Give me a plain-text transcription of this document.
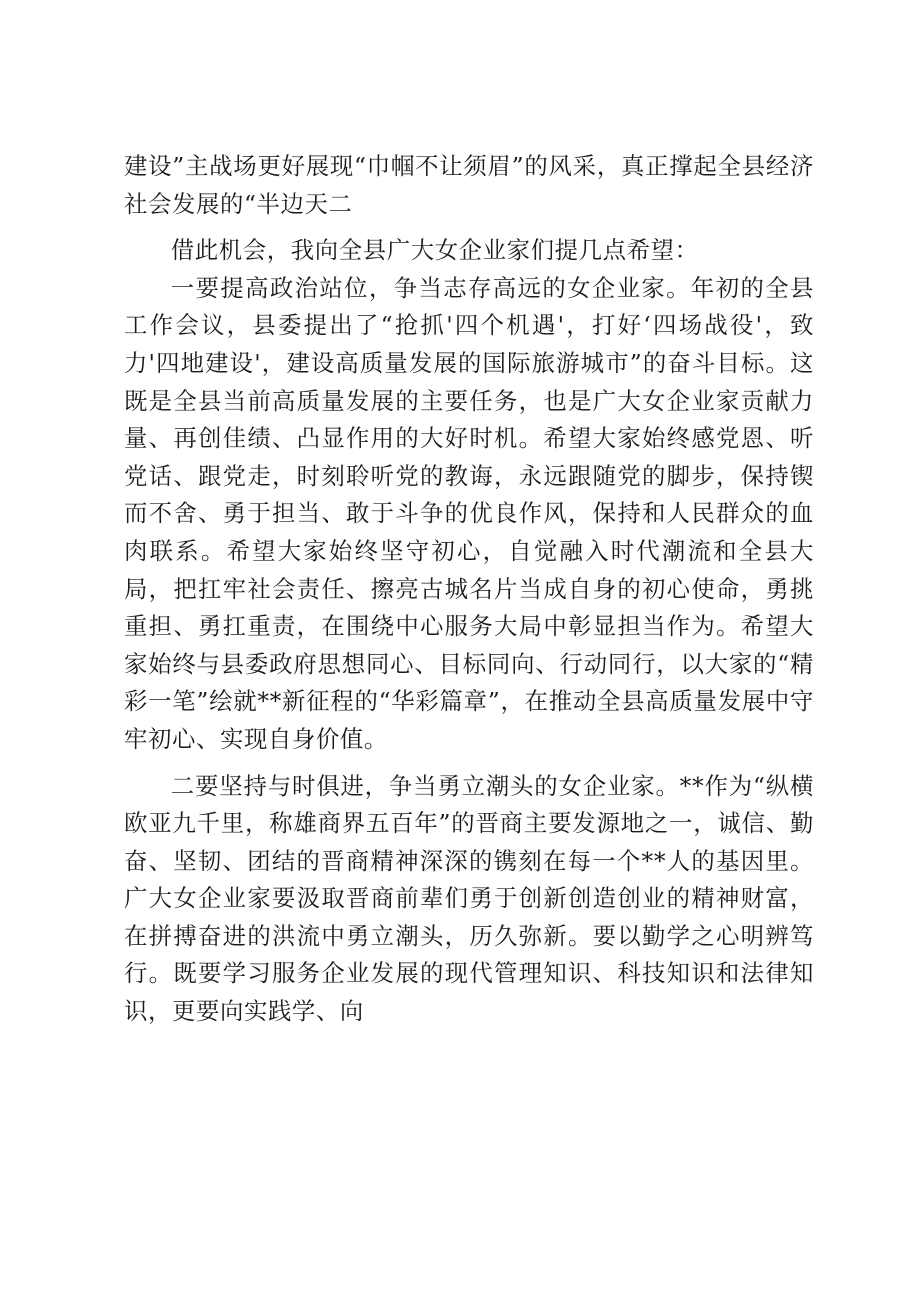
建设”主战场更好展现“巾帼不让须眉”的风采，真正撑起全县经济社会发展的“半边天二

借此机会，我向全县广大女企业家们提几点希望：

一要提高政治站位，争当志存高远的女企业家。年初的全县工作会议，县委提出了“抢抓'四个机遇'，打好‘四场战役'，致力'四地建设'，建设高质量发展的国际旅游城市”的奋斗目标。这既是全县当前高质量发展的主要任务，也是广大女企业家贡献力量、再创佳绩、凸显作用的大好时机。希望大家始终感党恩、听党话、跟党走，时刻聆听党的教诲，永远跟随党的脚步，保持锲而不舍、勇于担当、敢于斗争的优良作风，保持和人民群众的血肉联系。希望大家始终坚守初心，自觉融入时代潮流和全县大局，把扛牢社会责任、擦亮古城名片当成自身的初心使命，勇挑重担、勇扛重责，在围绕中心服务大局中彰显担当作为。希望大家始终与县委政府思想同心、目标同向、行动同行，以大家的“精彩一笔”绘就**新征程的“华彩篇章”，在推动全县高质量发展中守牢初心、实现自身价值。

二要坚持与时俱进，争当勇立潮头的女企业家。**作为“纵横欧亚九千里，称雄商界五百年”的晋商主要发源地之一，诚信、勤奋、坚韧、团结的晋商精神深深的镌刻在每一个**人的基因里。广大女企业家要汲取晋商前辈们勇于创新创造创业的精神财富，在拼搏奋进的洪流中勇立潮头，历久弥新。要以勤学之心明辨笃行。既要学习服务企业发展的现代管理知识、科技知识和法律知识，更要向实践学、向
